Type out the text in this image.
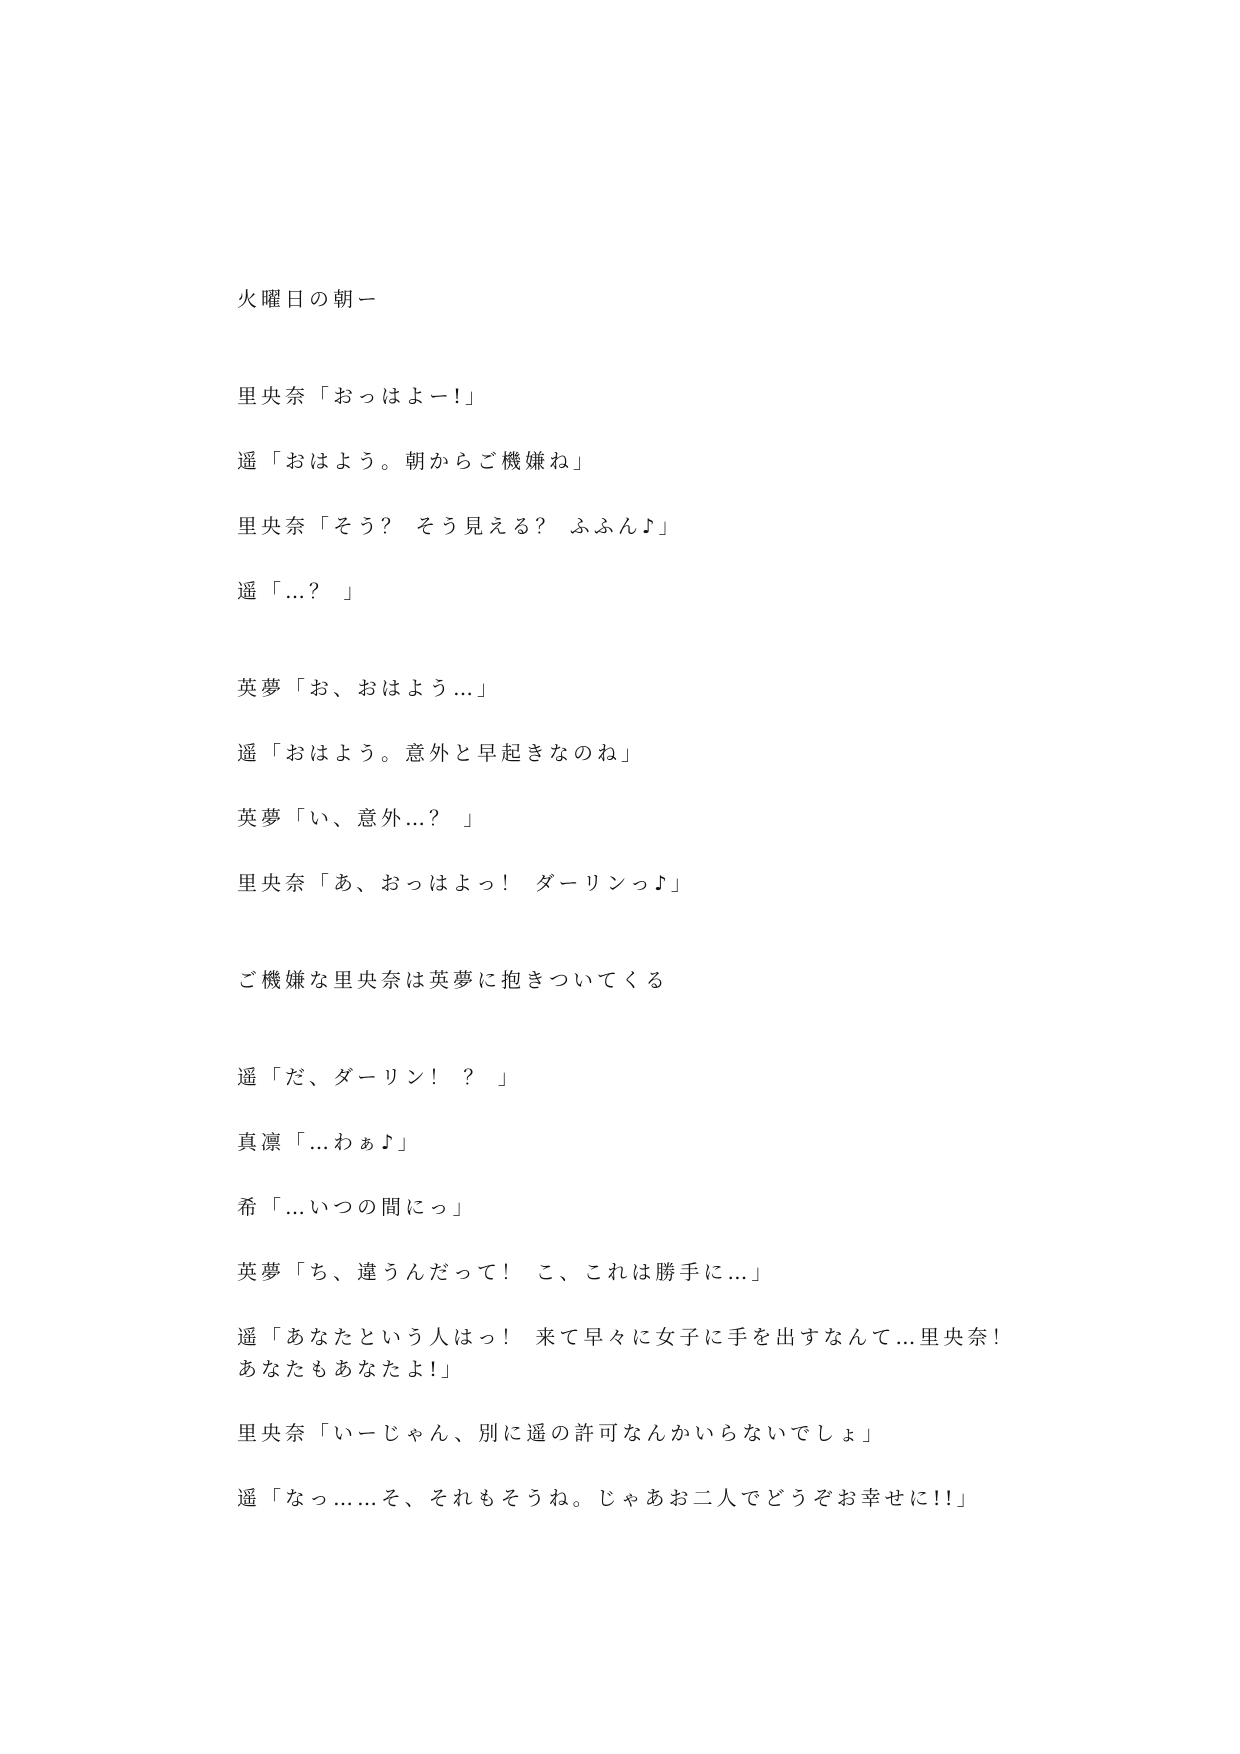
火曜日の朝ー
里央奈「おっはよー!」
遥「おはよう。朝からご機嫌ね」
里央奈「そう？ そう見える？ ふふん♪」
遥「…？ 」
英夢「お、おはよう…」
遥「おはよう。意外と早起きなのね」
英夢「い、意外…？ 」
里央奈「あ、おっはよっ！ ダーリンっ♪」
ご機嫌な里央奈は英夢に抱きついてくる
遥「だ、ダーリン！ ？ 」
真凛「…わぁ♪」
希「…いつの間にっ」
英夢「ち、違うんだって！ こ、これは勝手に…」
遥「あなたという人はっ！ 来て早々に女子に手を出すなんて…里央奈！ あなたもあなたよ!」
里央奈「いーじゃん、別に遥の許可なんかいらないでしょ」
遥「なっ……そ、それもそうね。じゃあお二人でどうぞお幸せに!!」
